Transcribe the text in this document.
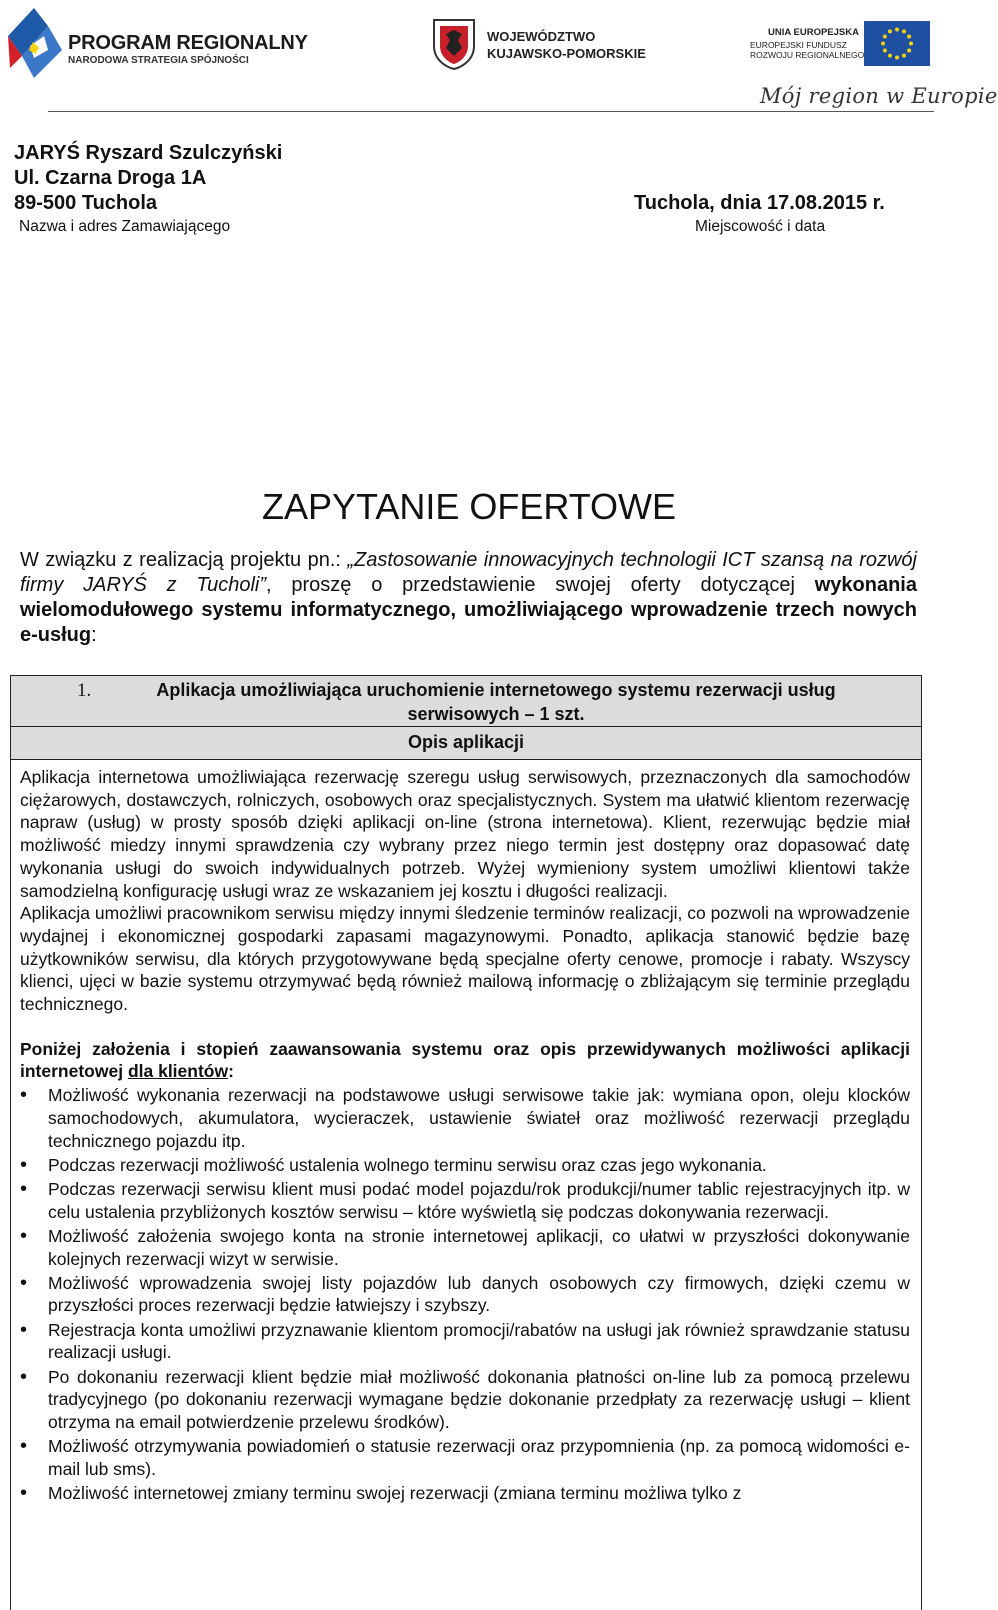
PROGRAM REGIONALNY
NARODOWA STRATEGIA SPÓJNOŚCI
WOJEWÓDZTWO
KUJAWSKO-POMORSKIE
UNIA EUROPEJSKA
EUROPEJSKI FUNDUSZ
ROZWOJU REGIONALNEGO
Mój region w Europie
JARYŚ Ryszard Szulczyński
Ul. Czarna Droga 1A
89-500 Tuchola
Nazwa i adres Zamawiającego
Tuchola, dnia 17.08.2015 r.
Miejscowość i data
ZAPYTANIE OFERTOWE
W związku z realizacją projektu pn.: „Zastosowanie innowacyjnych technologii ICT szansą na rozwój firmy JARYŚ z Tucholi”, proszę o przedstawienie swojej oferty dotyczącej wykonania wielomodułowego systemu informatycznego, umożliwiającego wprowadzenie trzech nowych e-usług:
1.	Aplikacja umożliwiająca uruchomienie internetowego systemu rezerwacji usług serwisowych – 1 szt.
Opis aplikacji

Aplikacja internetowa umożliwiająca rezerwację szeregu usług serwisowych, przeznaczonych dla samochodów ciężarowych, dostawczych, rolniczych, osobowych oraz specjalistycznych. System ma ułatwić klientom rezerwację napraw (usług) w prosty sposób dzięki aplikacji on-line (strona internetowa). Klient, rezerwując będzie miał możliwość miedzy innymi sprawdzenia czy wybrany przez niego termin jest dostępny oraz dopasować datę wykonania usługi do swoich indywidualnych potrzeb. Wyżej wymieniony system umożliwi klientowi także samodzielną konfigurację usługi wraz ze wskazaniem jej kosztu i długości realizacji.

Aplikacja umożliwi pracownikom serwisu między innymi śledzenie terminów realizacji, co pozwoli na wprowadzenie wydajnej i ekonomicznej gospodarki zapasami magazynowymi. Ponadto, aplikacja stanowić będzie bazę użytkowników serwisu, dla których przygotowywane będą specjalne oferty cenowe, promocje i rabaty. Wszyscy klienci, ujęci w bazie systemu otrzymywać będą również mailową informację o zbliżającym się terminie przeglądu technicznego.

Poniżej założenia i stopień zaawansowania systemu oraz opis przewidywanych możliwości aplikacji internetowej dla klientów:

• Możliwość wykonania rezerwacji na podstawowe usługi serwisowe takie jak: wymiana opon, oleju klocków samochodowych, akumulatora, wycieraczek, ustawienie świateł oraz możliwość rezerwacji przeglądu technicznego pojazdu itp.
• Podczas rezerwacji możliwość ustalenia wolnego terminu serwisu oraz czas jego wykonania.
• Podczas rezerwacji serwisu klient musi podać model pojazdu/rok produkcji/numer tablic rejestracyjnych itp. w celu ustalenia przybliżonych kosztów serwisu – które wyświetlą się podczas dokonywania rezerwacji.
• Możliwość założenia swojego konta na stronie internetowej aplikacji, co ułatwi w przyszłości dokonywanie kolejnych rezerwacji wizyt w serwisie.
• Możliwość wprowadzenia swojej listy pojazdów lub danych osobowych czy firmowych, dzięki czemu w przyszłości proces rezerwacji będzie łatwiejszy i szybszy.
• Rejestracja konta umożliwi przyznawanie klientom promocji/rabatów na usługi jak również sprawdzanie statusu realizacji usługi.
• Po dokonaniu rezerwacji klient będzie miał możliwość dokonania płatności on-line lub za pomocą przelewu tradycyjnego (po dokonaniu rezerwacji wymagane będzie dokonanie przedpłaty za rezerwację usługi – klient otrzyma na email potwierdzenie przelewu środków).
• Możliwość otrzymywania powiadomień o statusie rezerwacji oraz przypomnienia (np. za pomocą widomości e-mail lub sms).
• Możliwość internetowej zmiany terminu swojej rezerwacji (zmiana terminu możliwa tylko z
